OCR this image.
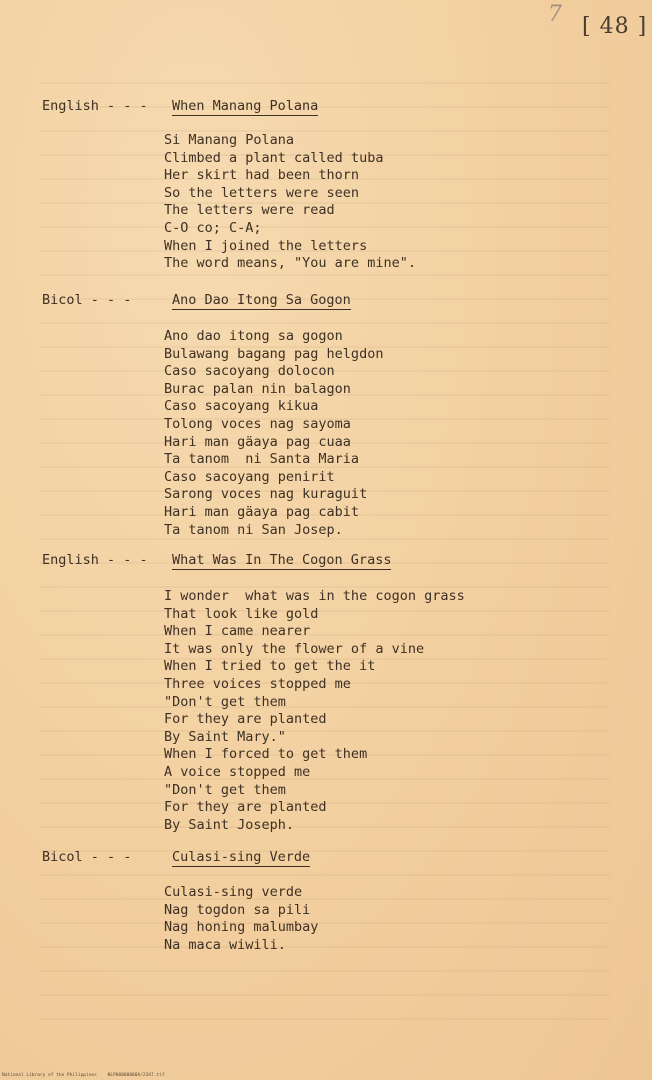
7 [ 48 ]
English - - - When Manang Polana
Si Manang Polana
Climbed a plant called tuba
Her skirt had been thorn
So the letters were seen
The letters were read
C-O co; C-A;
When I joined the letters
The word means, "You are mine".
Bicol - - -	Ano Dao Itong Sa Gogon
Ano dao itong sa gogon
Bulawang bagang pag helgdon
Caso sacoyang dolocon
Burac palan nin balagon
Caso sacoyang kikua
Tolong voces nag sayoma
Hari man gäaya pag cuaa
Ta tanom  ni Santa Maria
Caso sacoyang penirit
Sarong voces nag kuraguit
Hari man gäaya pag cabit
Ta tanom ni San Josep.
English - - - What Was In The Cogon Grass
I wonder  what was in the cogon grass
That look like gold
When I came nearer
It was only the flower of a vine
When I tried to get the it
Three voices stopped me
"Don't get them
For they are planted
By Saint Mary."
When I forced to get them
A voice stopped me
"Don't get them
For they are planted
By Saint Joseph.
Bicol - - -	Culasi-sing Verde
Culasi-sing verde
Nag togdon sa pili
Nag honing malumbay
Na maca wiwili.
National Library of the Philippines    NLP00000000A/2347.tif
